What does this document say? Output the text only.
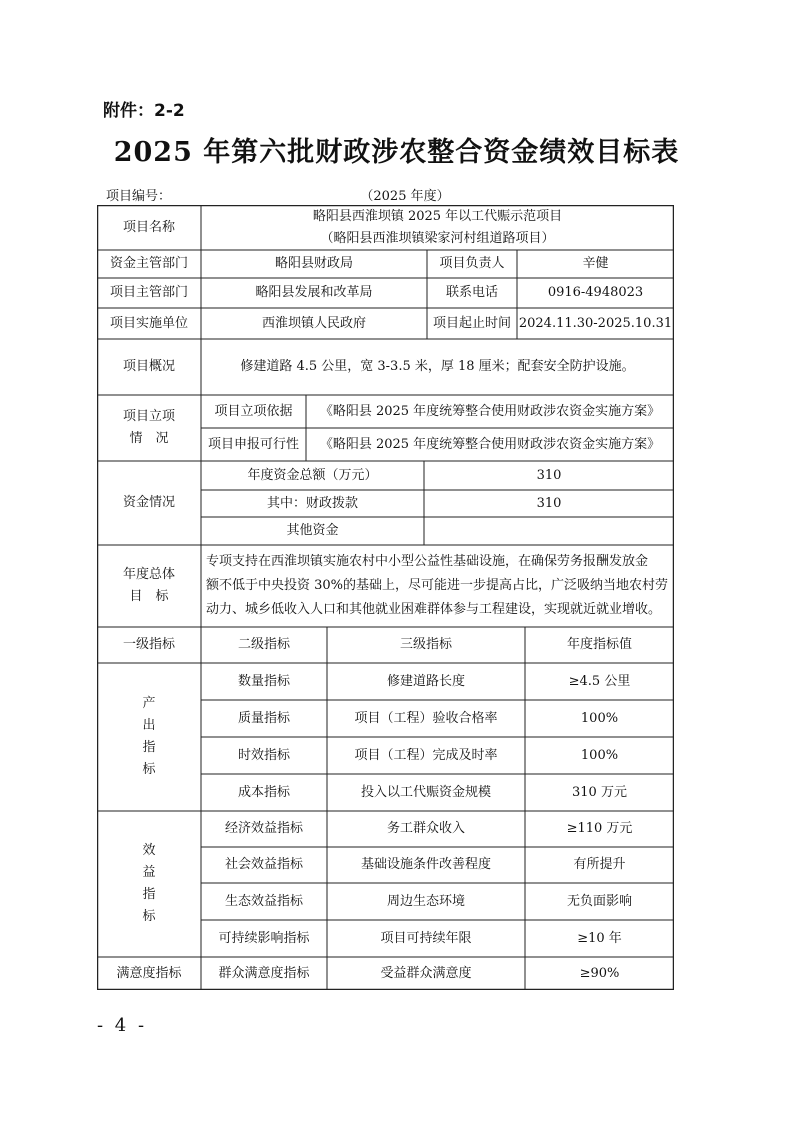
附件：2-2
2025 年第六批财政涉农整合资金绩效目标表
项目编号：	（2025 年度）
项目名称
略阳县西淮坝镇 2025 年以工代赈示范项目
（略阳县西淮坝镇梁家河村组道路项目）
资金主管部门	略阳县财政局	项目负责人	辛健
项目主管部门	略阳县发展和改革局	联系电话	0916-4948023
项目实施单位	西淮坝镇人民政府	项目起止时间 2024.11.30-2025.10.31
项目概况	修建道路 4.5 公里，宽 3-3.5 米，厚 18 厘米；配套安全防护设施。
项目立项
情　况
项目立项依据	《略阳县 2025 年度统筹整合使用财政涉农资金实施方案》
项目申报可行性	《略阳县 2025 年度统筹整合使用财政涉农资金实施方案》
资金情况
年度资金总额（万元）	310
其中：财政拨款	310
其他资金
年度总体
目　标
专项支持在西淮坝镇实施农村中小型公益性基础设施，在确保劳务报酬发放金
额不低于中央投资 30%的基础上，尽可能进一步提高占比，广泛吸纳当地农村劳
动力、城乡低收入人口和其他就业困难群体参与工程建设，实现就近就业增收。
一级指标	二级指标	三级指标	年度指标值
产
出
指
标
数量指标	修建道路长度	≥4.5 公里
质量指标	项目（工程）验收合格率	100%
时效指标	项目（工程）完成及时率	100%
成本指标	投入以工代赈资金规模	310 万元
效
益
指
标
经济效益指标	务工群众收入	≥110 万元
社会效益指标	基础设施条件改善程度	有所提升
生态效益指标	周边生态环境	无负面影响
可持续影响指标	项目可持续年限	≥10 年
满意度指标	群众满意度指标	受益群众满意度	≥90%
- 4 -
